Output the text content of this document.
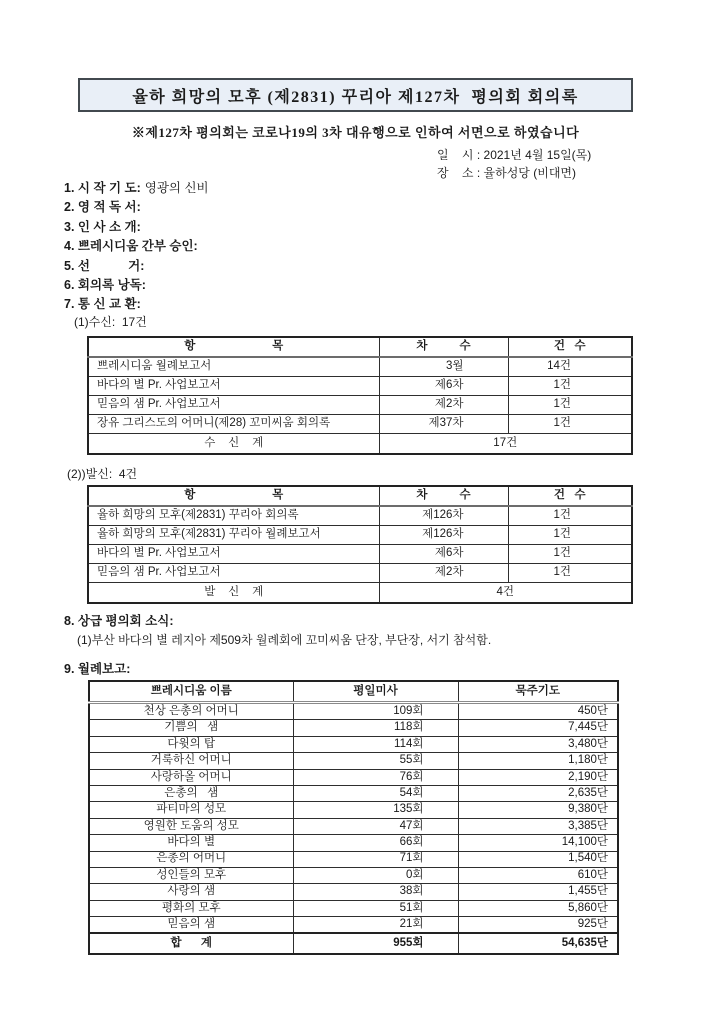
율하 희망의 모후 (제2831) 꾸리아 제127차  평의회 회의록
※제127차 평의회는 코로나19의 3차 대유행으로 인하여 서면으로 하였습니다
일    시 : 2021년 4월 15일(목)
장    소 : 율하성당 (비대면)
1. 시 작 기 도: 영광의 신비
2. 영 적 독 서:
3. 인 사 소 개:
4. 쁘레시디움 간부 승인:
5. 선           거:
6. 회의록 낭독:
7. 통 신 교 환:
(1)수신:  17건
항                        목	차          수	건   수
쁘레시디움 월례보고서	3월	14건
바다의 별 Pr. 사업보고서	제6차	1건
믿음의 샘 Pr. 사업보고서	제2차	1건
장유 그리스도의 어머니(제28) 꼬미씨움 회의록	제37차	1건
수    신    계	17건	
(2))발신:  4건
항                        목	차          수	건   수
율하 희망의 모후(제2831) 꾸리아 회의록	제126차	1건
율하 희망의 모후(제2831) 꾸리아 월례보고서	제126차	1건
바다의 별 Pr. 사업보고서	제6차	1건
믿음의 샘 Pr. 사업보고서	제2차	1건
발    신    계	4건	
8. 상급 평의회 소식:
(1)부산 바다의 별 레지아 제509차 월례회에 꼬미씨움 단장, 부단장, 서기 참석함.
9. 월례보고:
쁘레시디움 이름	평일미사	묵주기도
천상 은총의 어머니	109회	450단
기쁨의   샘	118회	7,445단
다윗의 탑	114회	3,480단
거룩하신 어머니	55회	1,180단
사랑하올 어머니	76회	2,190단
은총의   샘	54회	2,635단
파티마의 성모	135회	9,380단
영원한 도움의 성모	47회	3,385단
바다의 별	66회	14,100단
은총의 어머니	71회	1,540단
성인들의 모후	0회	610단
사랑의 샘	38회	1,455단
평화의 모후	51회	5,860단
믿음의 샘	21회	925단
합      계	955회	54,635단
